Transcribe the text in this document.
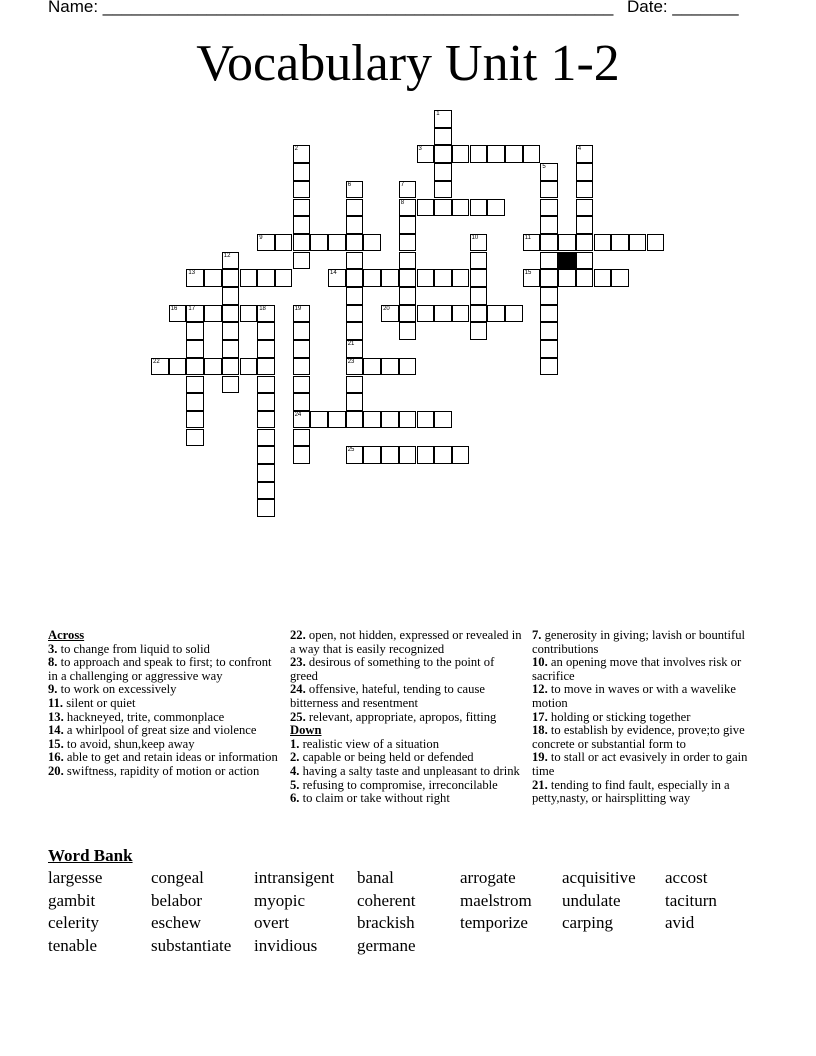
Name: ______________________________________________________ Date: _______
Vocabulary Unit 1-2
1
2	3	4
5
6
21
23
7
8
9	10	11
12
13	14	15
16 17	18	19
24
20
22
25
Across
3. to change from liquid to solid
8. to approach and speak to first; to confront in a challenging or aggressive way
9. to work on excessively
11. silent or quiet
13. hackneyed, trite, commonplace
14. a whirlpool of great size and violence
15. to avoid, shun,keep away
16. able to get and retain ideas or information
20. swiftness, rapidity of motion or action
22. open, not hidden, expressed or revealed in a way that is easily recognized
23. desirous of something to the point of greed
24. offensive, hateful, tending to cause bitterness and resentment
25. relevant, appropriate, apropos, fitting
Down
1. realistic view of a situation
2. capable or being held or defended
4. having a salty taste and unpleasant to drink
5. refusing to compromise, irreconcilable
6. to claim or take without right
7. generosity in giving; lavish or bountiful contributions
10. an opening move that involves risk or sacrifice
12. to move in waves or with a wavelike motion
17. holding or sticking together
18. to establish by evidence, prove;to give concrete or substantial form to
19. to stall or act evasively in order to gain time
21. tending to find fault, especially in a petty,nasty, or hairsplitting way
Word Bank
largesse	congeal	intransigent banal	arrogate	acquisitive accost
gambit	belabor	myopic	coherent	maelstrom undulate	taciturn
celerity	eschew	overt	brackish	temporize carping	avid
tenable	substantiate invidious germane
